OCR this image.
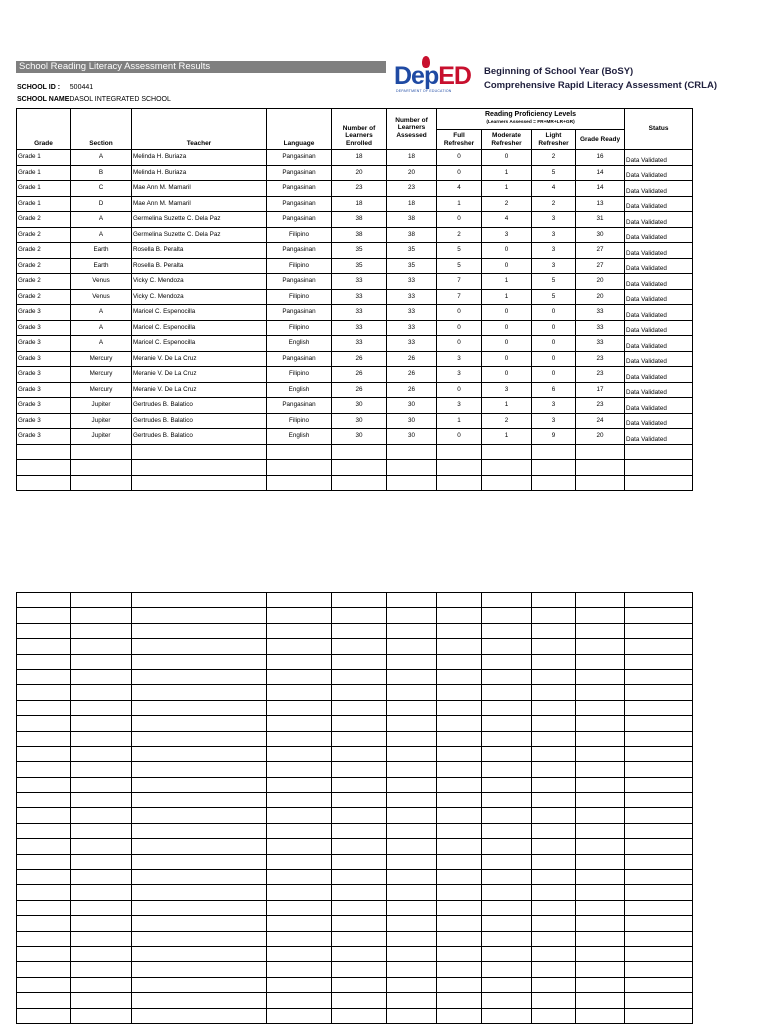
School Reading Literacy Assessment Results
SCHOOL ID : 500441
SCHOOL NAMEDASOL INTEGRATED SCHOOL
DepED
DEPARTMENT OF EDUCATION
Beginning of School Year (BoSY)
Comprehensive Rapid Literacy Assessment (CRLA)
Grade	Section	Teacher	Language	Number of Learners Enrolled	Number of Learners Assessed	Reading Proficiency Levels
(Learners Assessed = FR+MR+LR+GR)				Status
						Full Refresher	Moderate Refresher	Light Refresher	Grade Ready	
Grade 1	A	Melinda H. Buriaza	Pangasinan	18	18	0	0	2	16	Data Validated
Grade 1	B	Melinda H. Buriaza	Pangasinan	20	20	0	1	5	14	Data Validated
Grade 1	C	Mae Ann M. Mamaril	Pangasinan	23	23	4	1	4	14	Data Validated
Grade 1	D	Mae Ann M. Mamaril	Pangasinan	18	18	1	2	2	13	Data Validated
Grade 2	A	Germelina Suzette C. Dela Paz	Pangasinan	38	38	0	4	3	31	Data Validated
Grade 2	A	Germelina Suzette C. Dela Paz	Filipino	38	38	2	3	3	30	Data Validated
Grade 2	Earth	Rosella B. Peralta	Pangasinan	35	35	5	0	3	27	Data Validated
Grade 2	Earth	Rosella B. Peralta	Filipino	35	35	5	0	3	27	Data Validated
Grade 2	Venus	Vicky C. Mendoza	Pangasinan	33	33	7	1	5	20	Data Validated
Grade 2	Venus	Vicky C. Mendoza	Filipino	33	33	7	1	5	20	Data Validated
Grade 3	A	Maricel C. Espenocilla	Pangasinan	33	33	0	0	0	33	Data Validated
Grade 3	A	Maricel C. Espenocilla	Filipino	33	33	0	0	0	33	Data Validated
Grade 3	A	Maricel C. Espenocilla	English	33	33	0	0	0	33	Data Validated
Grade 3	Mercury	Meranie V. De La Cruz	Pangasinan	26	26	3	0	0	23	Data Validated
Grade 3	Mercury	Meranie V. De La Cruz	Filipino	26	26	3	0	0	23	Data Validated
Grade 3	Mercury	Meranie V. De La Cruz	English	26	26	0	3	6	17	Data Validated
Grade 3	Jupiter	Gertrudes B. Balatico	Pangasinan	30	30	3	1	3	23	Data Validated
Grade 3	Jupiter	Gertrudes B. Balatico	Filipino	30	30	1	2	3	24	Data Validated
Grade 3	Jupiter	Gertrudes B. Balatico	English	30	30	0	1	9	20	Data Validated
